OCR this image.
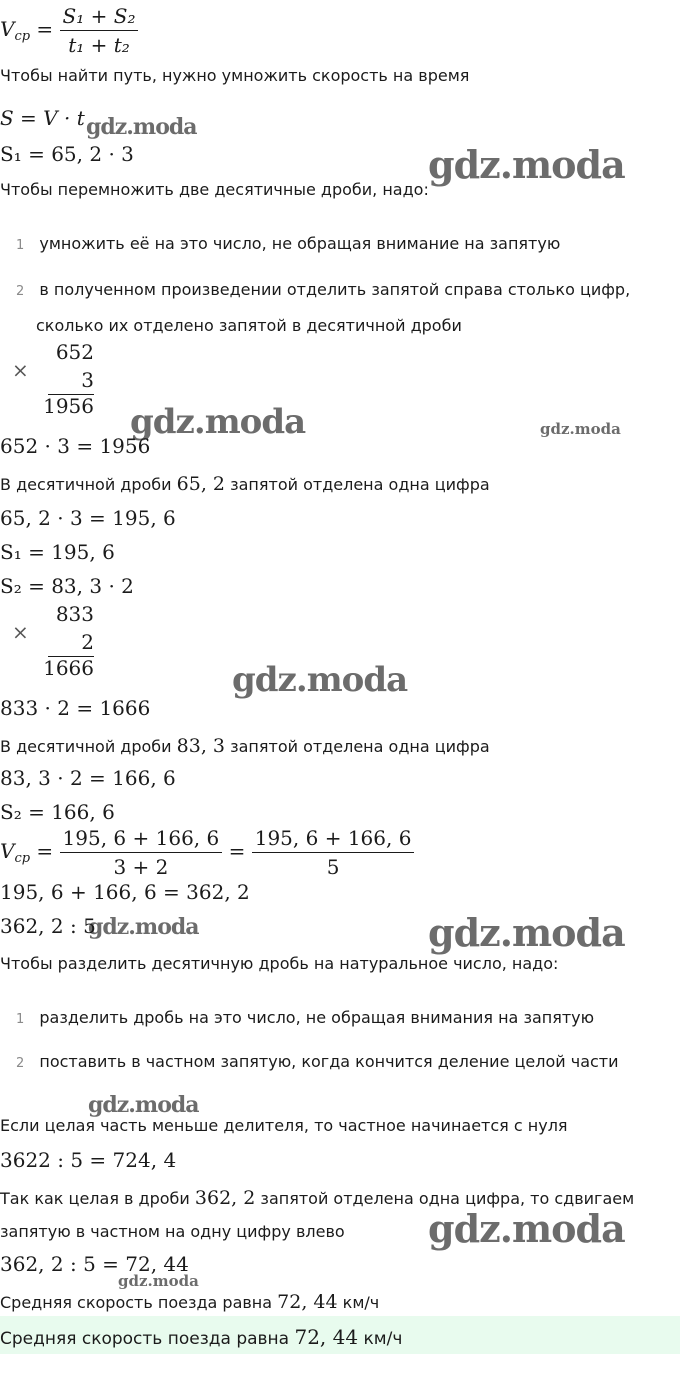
gdz.moda
gdz.moda
gdz.moda	gdz.moda
gdz.moda
gdz.moda	gdz.moda
gdz.moda
gdz.moda
gdz.moda
$V_{ср} = \frac{\text{S₁ + S₂}}{\text{t₁ + t₂}}$
Чтобы найти путь, нужно умножить скорость на время
S = V · t
S₁ = 65, 2 · 3
Чтобы перемножить две десятичные дроби, надо:
1 умножить её на это число, не обращая внимание на запятую
2 в полученном произведении отделить запятой справа столько цифр,
сколько их отделено запятой в десятичной дроби
×
652
3
1956
652 · 3 = 1956
В десятичной дроби 65, 2 запятой отделена одна цифра
65, 2 · 3 = 195, 6
S₁ = 195, 6
S₂ = 83, 3 · 2
×
833
2
1666
833 · 2 = 1666
В десятичной дроби 83, 3 запятой отделена одна цифра
83, 3 · 2 = 166, 6
S₂ = 166, 6
$V_{ср} = \frac{195, 6 + 166, 6}{3 + 2} = \frac{195, 6 + 166, 6}{5}$
195, 6 + 166, 6 = 362, 2
362, 2 : 5
Чтобы разделить десятичную дробь на натуральное число, надо:
1 разделить дробь на это число, не обращая внимания на запятую
2 поставить в частном запятую, когда кончится деление целой части
Если целая часть меньше делителя, то частное начинается с нуля
3622 : 5 = 724, 4
Так как целая в дроби 362, 2 запятой отделена одна цифра, то сдвигаем
запятую в частном на одну цифру влево
362, 2 : 5 = 72, 44
Средняя скорость поезда равна 72, 44 км/ч
Средняя скорость поезда равна 72, 44 км/ч
